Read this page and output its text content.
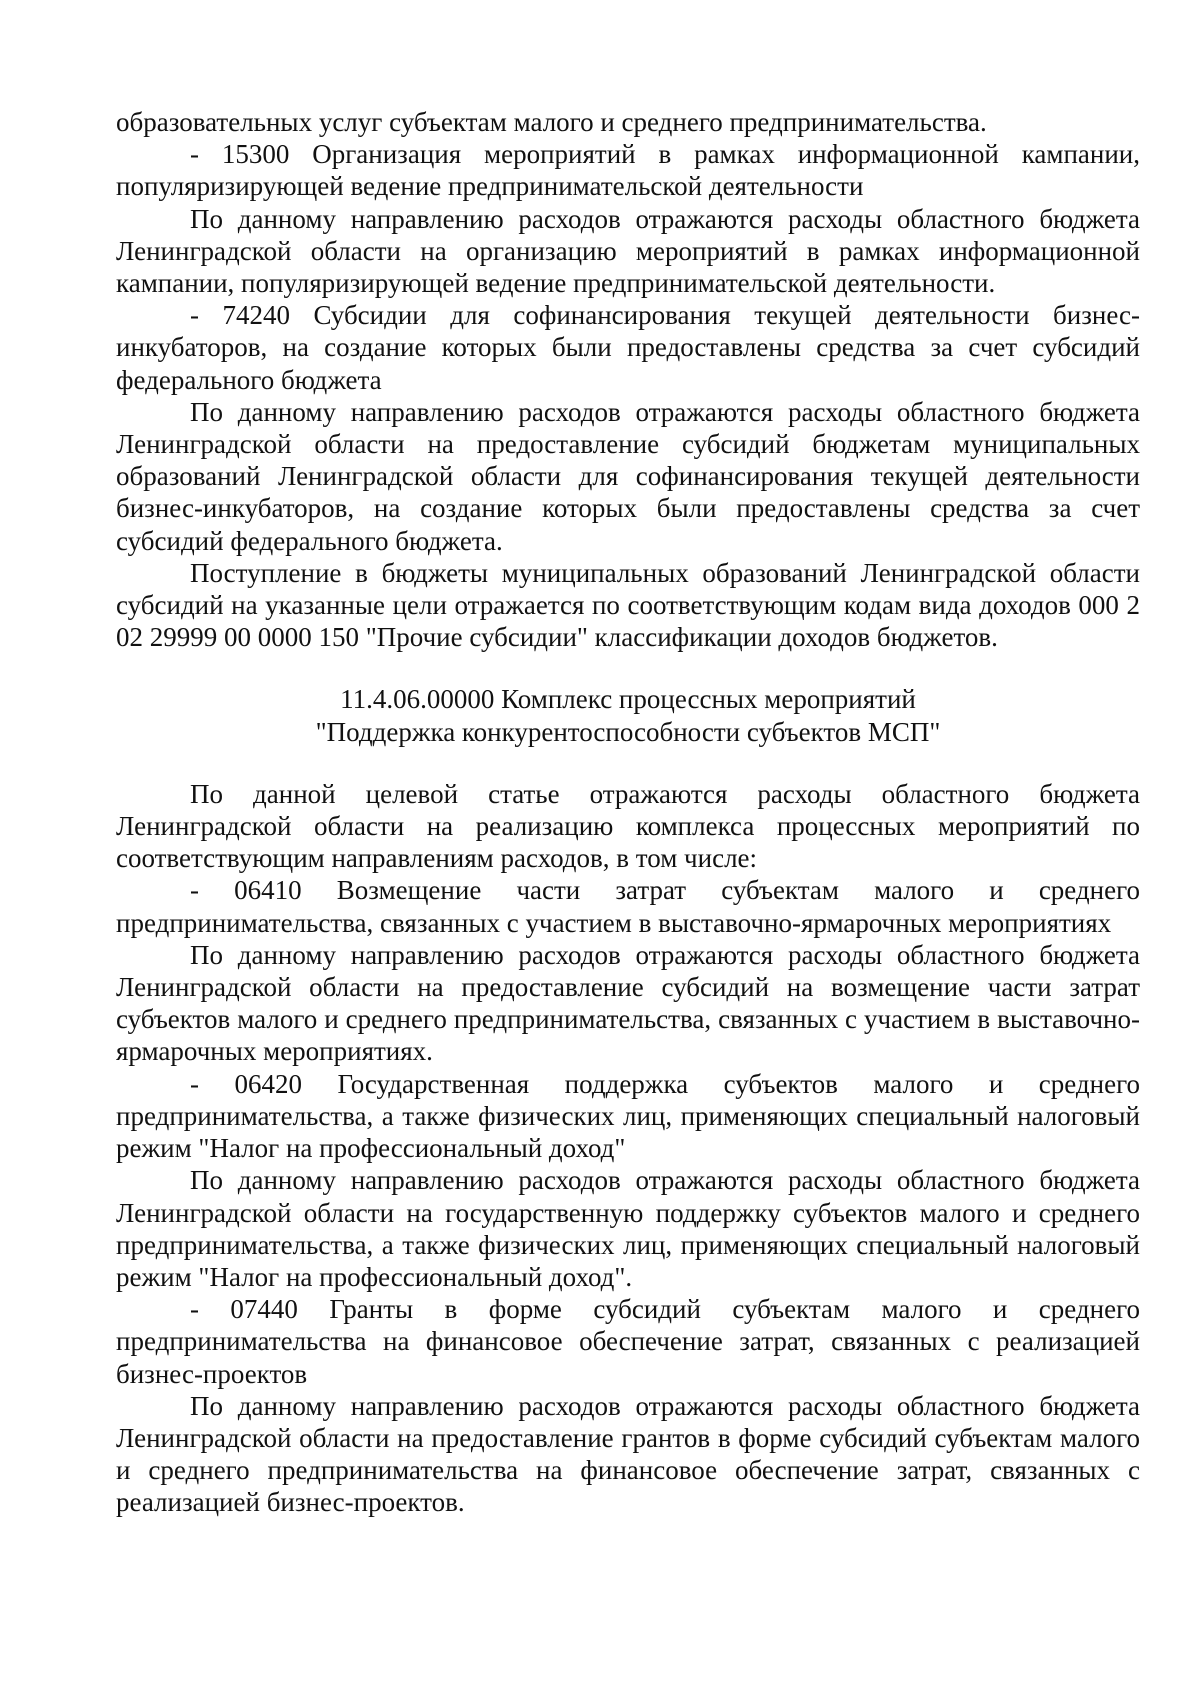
образовательных услуг субъектам малого и среднего предпринимательства.

- 15300 Организация мероприятий в рамках информационной кампании, популяризирующей ведение предпринимательской деятельности

По данному направлению расходов отражаются расходы областного бюджета Ленинградской области на организацию мероприятий в рамках информационной кампании, популяризирующей ведение предпринимательской деятельности.

- 74240 Субсидии для софинансирования текущей деятельности бизнес-инкубаторов, на создание которых были предоставлены средства за счет субсидий федерального бюджета

По данному направлению расходов отражаются расходы областного бюджета Ленинградской области на предоставление субсидий бюджетам муниципальных образований Ленинградской области для софинансирования текущей деятельности бизнес-инкубаторов, на создание которых были предоставлены средства за счет субсидий федерального бюджета.

Поступление в бюджеты муниципальных образований Ленинградской области субсидий на указанные цели отражается по соответствующим кодам вида доходов 000 2 02 29999 00 0000 150 "Прочие субсидии" классификации доходов бюджетов.

11.4.06.00000 Комплекс процессных мероприятий
"Поддержка конкурентоспособности субъектов МСП"

По данной целевой статье отражаются расходы областного бюджета Ленинградской области на реализацию комплекса процессных мероприятий по соответствующим направлениям расходов, в том числе:

- 06410 Возмещение части затрат субъектам малого и среднего предпринимательства, связанных с участием в выставочно-ярмарочных мероприятиях

По данному направлению расходов отражаются расходы областного бюджета Ленинградской области на предоставление субсидий на возмещение части затрат субъектов малого и среднего предпринимательства, связанных с участием в выставочно-ярмарочных мероприятиях.

- 06420 Государственная поддержка субъектов малого и среднего предпринимательства, а также физических лиц, применяющих специальный налоговый режим "Налог на профессиональный доход"

По данному направлению расходов отражаются расходы областного бюджета Ленинградской области на государственную поддержку субъектов малого и среднего предпринимательства, а также физических лиц, применяющих специальный налоговый режим "Налог на профессиональный доход".

- 07440 Гранты в форме субсидий субъектам малого и среднего предпринимательства на финансовое обеспечение затрат, связанных с реализацией бизнес-проектов

По данному направлению расходов отражаются расходы областного бюджета Ленинградской области на предоставление грантов в форме субсидий субъектам малого и среднего предпринимательства на финансовое обеспечение затрат, связанных с реализацией бизнес-проектов.
